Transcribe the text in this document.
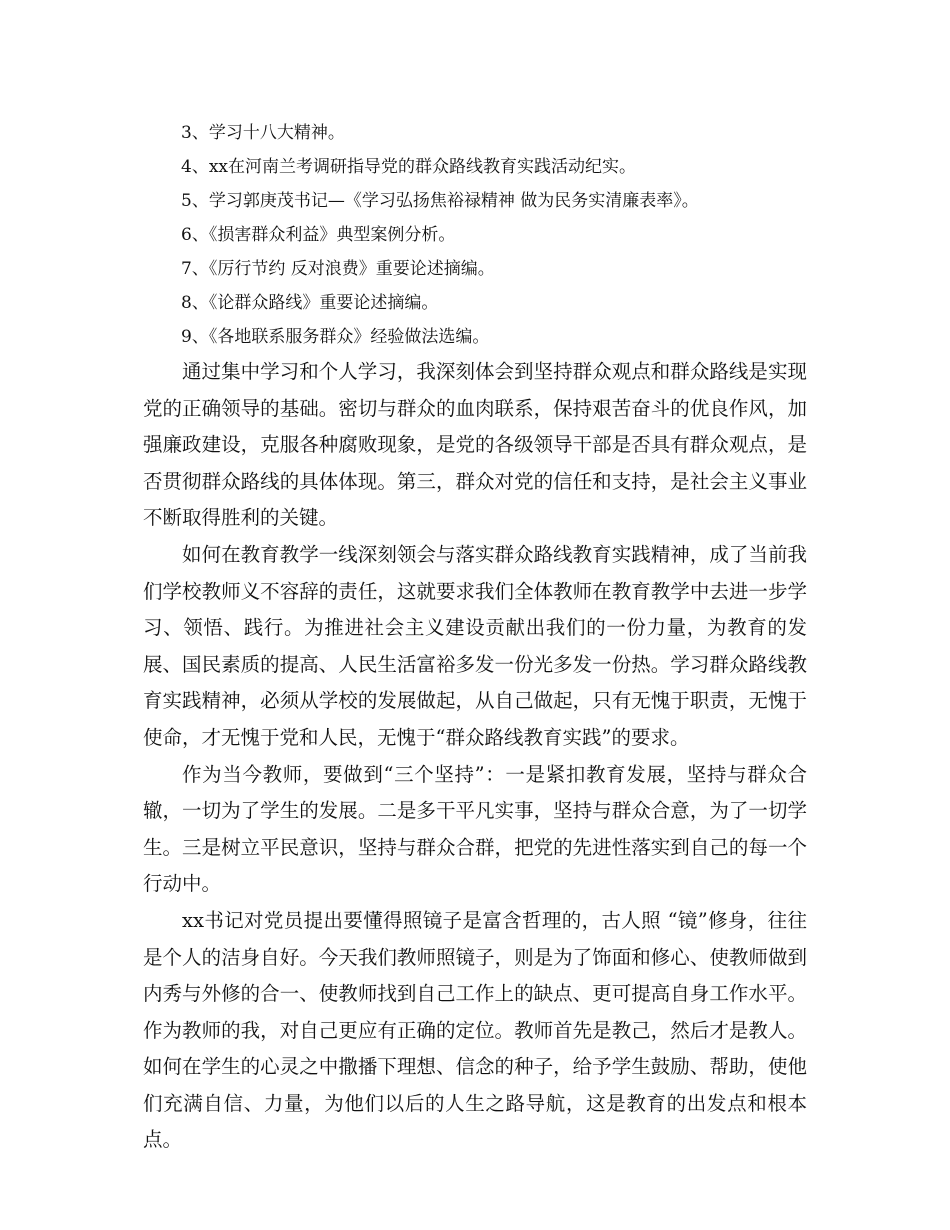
3、学习十八大精神。
4、xx在河南兰考调研指导党的群众路线教育实践活动纪实。
5、学习郭庚茂书记—《学习弘扬焦裕禄精神 做为民务实清廉表率》。
6、《损害群众利益》典型案例分析。
7、《厉行节约 反对浪费》重要论述摘编。
8、《论群众路线》重要论述摘编。
9、《各地联系服务群众》经验做法选编。

通过集中学习和个人学习，我深刻体会到坚持群众观点和群众路线是实现党的正确领导的基础。密切与群众的血肉联系，保持艰苦奋斗的优良作风，加强廉政建设，克服各种腐败现象，是党的各级领导干部是否具有群众观点，是否贯彻群众路线的具体体现。第三，群众对党的信任和支持，是社会主义事业不断取得胜利的关键。

如何在教育教学一线深刻领会与落实群众路线教育实践精神，成了当前我们学校教师义不容辞的责任，这就要求我们全体教师在教育教学中去进一步学习、领悟、践行。为推进社会主义建设贡献出我们的一份力量，为教育的发展、国民素质的提高、人民生活富裕多发一份光多发一份热。学习群众路线教育实践精神，必须从学校的发展做起，从自己做起，只有无愧于职责，无愧于使命，才无愧于党和人民，无愧于“群众路线教育实践”的要求。

作为当今教师，要做到“三个坚持”：一是紧扣教育发展，坚持与群众合辙，一切为了学生的发展。二是多干平凡实事，坚持与群众合意，为了一切学生。三是树立平民意识，坚持与群众合群，把党的先进性落实到自己的每一个行动中。

xx书记对党员提出要懂得照镜子是富含哲理的，古人照 “镜”修身，往往是个人的洁身自好。今天我们教师照镜子，则是为了饰面和修心、使教师做到内秀与外修的合一、使教师找到自己工作上的缺点、更可提高自身工作水平。作为教师的我，对自己更应有正确的定位。教师首先是教己，然后才是教人。如何在学生的心灵之中撒播下理想、信念的种子，给予学生鼓励、帮助，使他们充满自信、力量，为他们以后的人生之路导航，这是教育的出发点和根本点。
